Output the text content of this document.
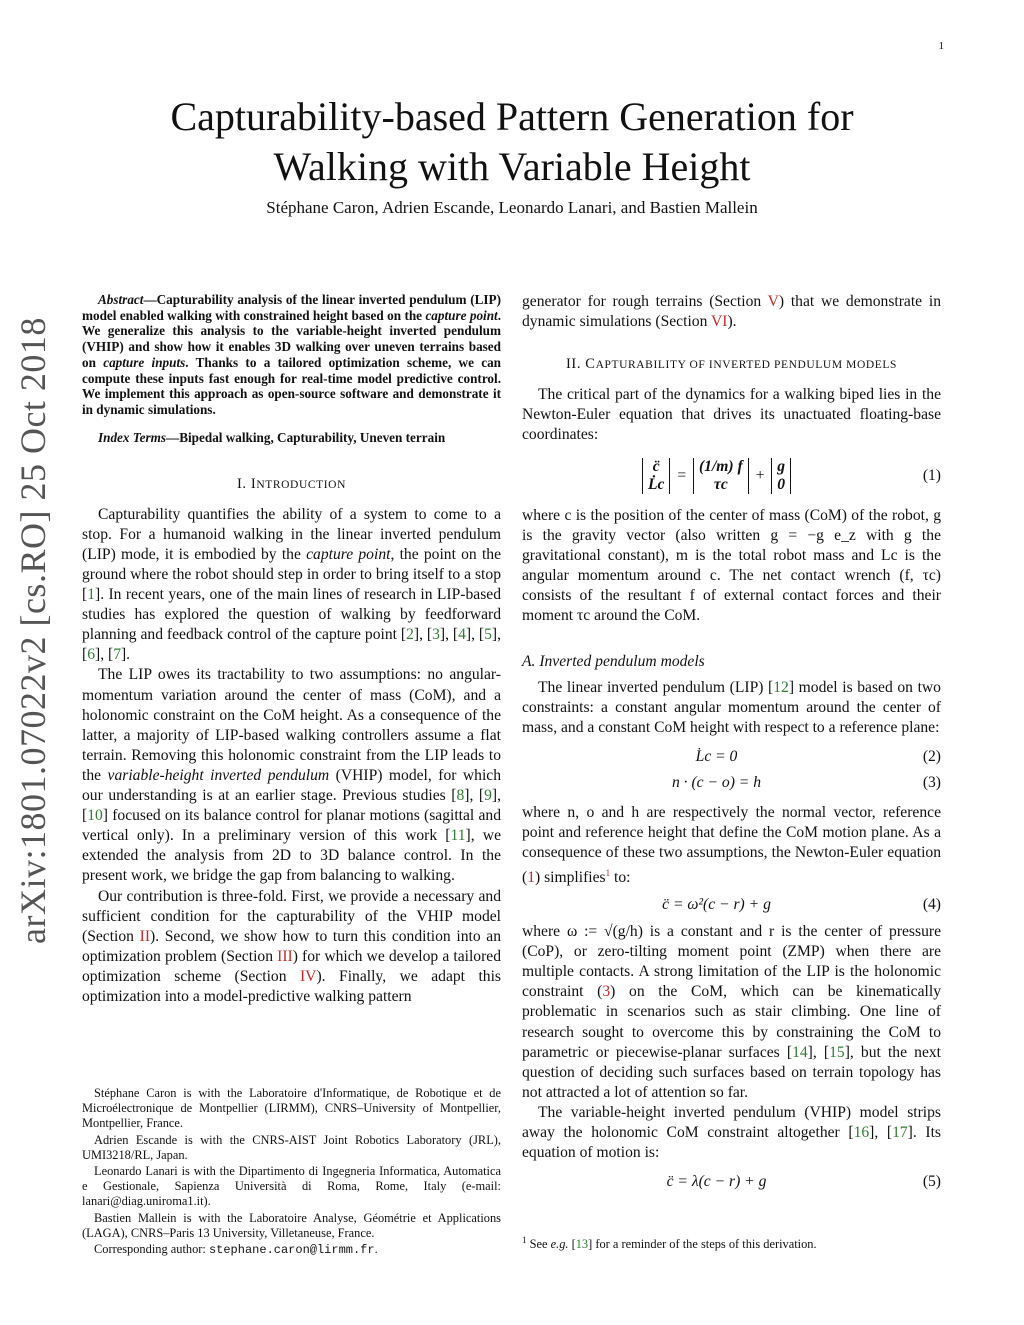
1
arXiv:1801.07022v2 [cs.RO] 25 Oct 2018
Capturability-based Pattern Generation for
Walking with Variable Height
Stéphane Caron, Adrien Escande, Leonardo Lanari, and Bastien Mallein

Abstract—Capturability analysis of the linear inverted pendulum (LIP) model enabled walking with constrained height based on the capture point. We generalize this analysis to the variable-height inverted pendulum (VHIP) and show how it enables 3D walking over uneven terrains based on capture inputs. Thanks to a tailored optimization scheme, we can compute these inputs fast enough for real-time model predictive control. We implement this approach as open-source software and demonstrate it in dynamic simulations.

Index Terms—Bipedal walking, Capturability, Uneven terrain

I. INTRODUCTION

Capturability quantifies the ability of a system to come to a stop. For a humanoid walking in the linear inverted pendulum (LIP) mode, it is embodied by the capture point, the point on the ground where the robot should step in order to bring itself to a stop [1]. In recent years, one of the main lines of research in LIP-based studies has explored the question of walking by feedforward planning and feedback control of the capture point [2], [3], [4], [5], [6], [7].

The LIP owes its tractability to two assumptions: no angular-momentum variation around the center of mass (CoM), and a holonomic constraint on the CoM height. As a consequence of the latter, a majority of LIP-based walking controllers assume a flat terrain. Removing this holonomic constraint from the LIP leads to the variable-height inverted pendulum (VHIP) model, for which our understanding is at an earlier stage. Previous studies [8], [9], [10] focused on its balance control for planar motions (sagittal and vertical only). In a preliminary version of this work [11], we extended the analysis from 2D to 3D balance control. In the present work, we bridge the gap from balancing to walking.

Our contribution is three-fold. First, we provide a necessary and sufficient condition for the capturability of the VHIP model (Section II). Second, we show how to turn this condition into an optimization problem (Section III) for which we develop a tailored optimization scheme (Section IV). Finally, we adapt this optimization into a model-predictive walking pattern

Stéphane Caron is with the Laboratoire d'Informatique, de Robotique et de Microélectronique de Montpellier (LIRMM), CNRS–University of Montpellier, Montpellier, France.

Adrien Escande is with the CNRS-AIST Joint Robotics Laboratory (JRL), UMI3218/RL, Japan.

Leonardo Lanari is with the Dipartimento di Ingegneria Informatica, Automatica e Gestionale, Sapienza Università di Roma, Rome, Italy (e-mail: lanari@diag.uniroma1.it).

Bastien Mallein is with the Laboratoire Analyse, Géométrie et Applications (LAGA), CNRS–Paris 13 University, Villetaneuse, France.

Corresponding author: stephane.caron@lirmm.fr.

generator for rough terrains (Section V) that we demonstrate in dynamic simulations (Section VI).

II. CAPTURABILITY OF INVERTED PENDULUM MODELS

The critical part of the dynamics for a walking biped lies in the Newton-Euler equation that drives its unactuated floating-base coordinates:

c̈
L̇c
=
(1/m) f
τc
+
g
0
(1)

where c is the position of the center of mass (CoM) of the robot, g is the gravity vector (also written g = −g e_z with g the gravitational constant), m is the total robot mass and Lc is the angular momentum around c. The net contact wrench (f, τc) consists of the resultant f of external contact forces and their moment τc around the CoM.

A. Inverted pendulum models

The linear inverted pendulum (LIP) [12] model is based on two constraints: a constant angular momentum around the center of mass, and a constant CoM height with respect to a reference plane:

L̇c = 0	(2)
n · (c − o) = h	(3)

where n, o and h are respectively the normal vector, reference point and reference height that define the CoM motion plane. As a consequence of these two assumptions, the Newton-Euler equation (1) simplifies$^1$ to:

c̈ = ω²(c − r) + g	(4)

where ω := √(g/h) is a constant and r is the center of pressure (CoP), or zero-tilting moment point (ZMP) when there are multiple contacts. A strong limitation of the LIP is the holonomic constraint (3) on the CoM, which can be kinematically problematic in scenarios such as stair climbing. One line of research sought to overcome this by constraining the CoM to parametric or piecewise-planar surfaces [14], [15], but the next question of deciding such surfaces based on terrain topology has not attracted a lot of attention so far.

The variable-height inverted pendulum (VHIP) model strips away the holonomic CoM constraint altogether [16], [17]. Its equation of motion is:

c̈ = λ(c − r) + g	(5)
$^1$ See e.g. [13] for a reminder of the steps of this derivation.
